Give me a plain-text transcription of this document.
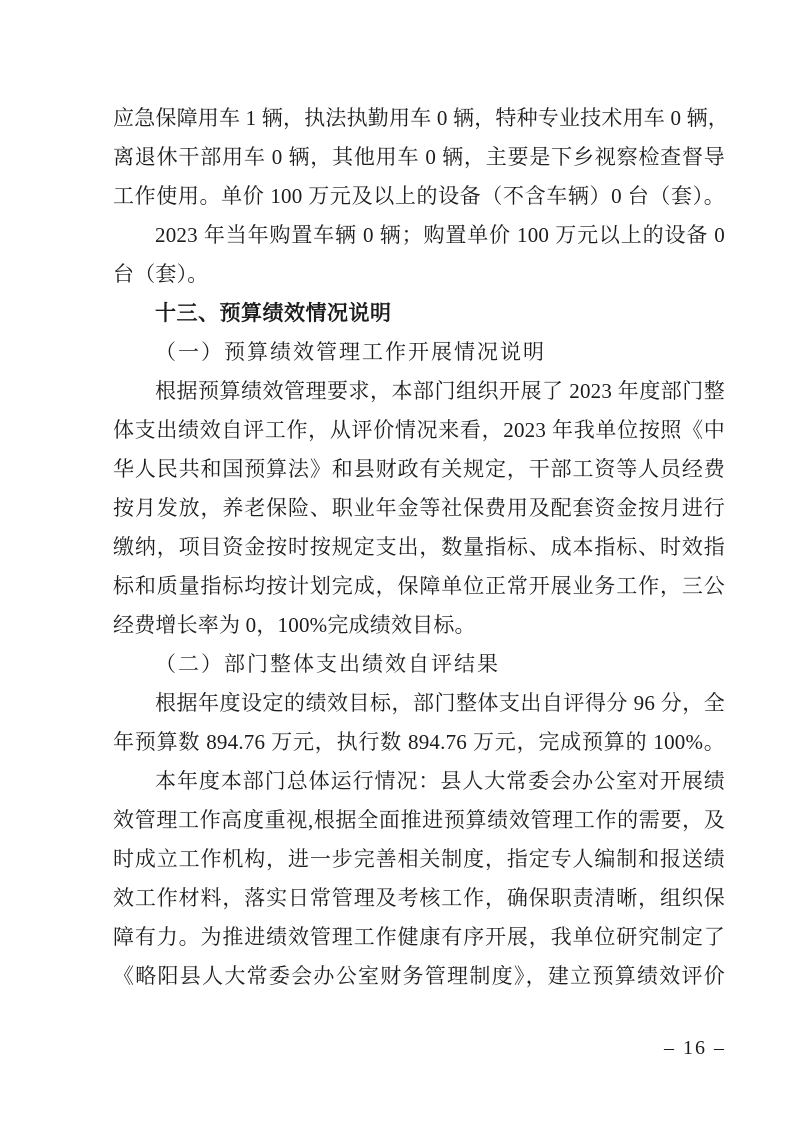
应急保障用车 1 辆，执法执勤用车 0 辆，特种专业技术用车 0 辆，
离退休干部用车 0 辆，其他用车 0 辆，主要是下乡视察检查督导
工作使用。单价 100 万元及以上的设备（不含车辆）0 台（套）。
2023 年当年购置车辆 0 辆；购置单价 100 万元以上的设备 0
台（套）。
十三、预算绩效情况说明
（一）预算绩效管理工作开展情况说明
根据预算绩效管理要求，本部门组织开展了 2023 年度部门整
体支出绩效自评工作，从评价情况来看，2023 年我单位按照《中
华人民共和国预算法》和县财政有关规定，干部工资等人员经费
按月发放，养老保险、职业年金等社保费用及配套资金按月进行
缴纳，项目资金按时按规定支出，数量指标、成本指标、时效指
标和质量指标均按计划完成，保障单位正常开展业务工作，三公
经费增长率为 0，100%完成绩效目标。
（二）部门整体支出绩效自评结果
根据年度设定的绩效目标，部门整体支出自评得分 96 分，全
年预算数 894.76 万元，执行数 894.76 万元，完成预算的 100%。
本年度本部门总体运行情况：县人大常委会办公室对开展绩
效管理工作高度重视,根据全面推进预算绩效管理工作的需要，及
时成立工作机构，进一步完善相关制度，指定专人编制和报送绩
效工作材料，落实日常管理及考核工作，确保职责清晰，组织保
障有力。为推进绩效管理工作健康有序开展，我单位研究制定了
《略阳县人大常委会办公室财务管理制度》，建立预算绩效评价
– 16 –
